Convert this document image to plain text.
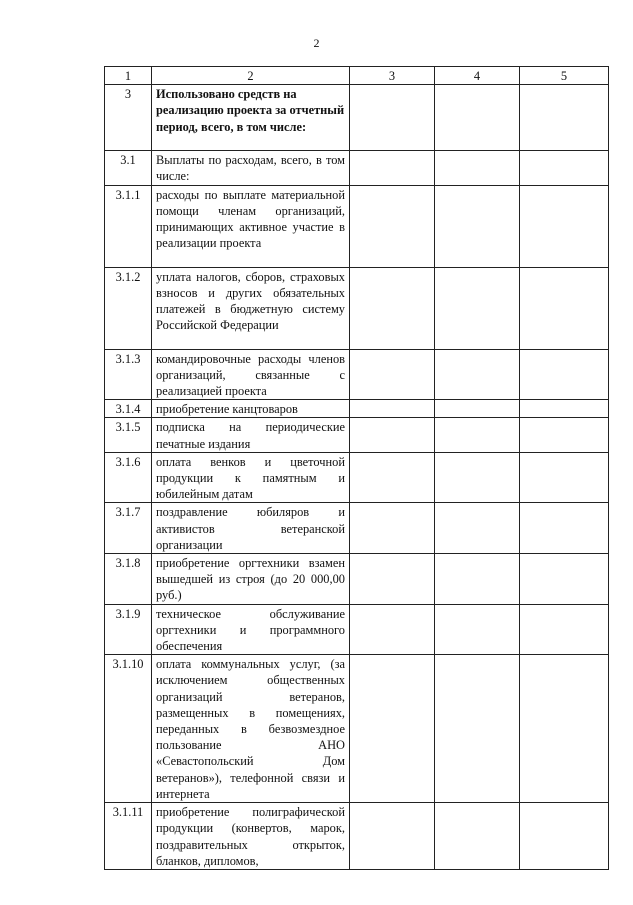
2
1	2	3	4	5
3	Использовано средств на реализацию проекта за отчетный период, всего, в том числе:			
3.1	Выплаты по расходам, всего, в том числе:			
3.1.1	расходы по выплате материальной помощи членам организаций, принимающих активное участие в реализации проекта			
3.1.2	уплата налогов, сборов, страховых взносов и других обязательных платежей в бюджетную систему Российской Федерации			
3.1.3	командировочные расходы членов организаций, связанные с реализацией проекта			
3.1.4	приобретение канцтоваров			
3.1.5	подписка на периодические печатные издания			
3.1.6	оплата венков и цветочной продукции к памятным и юбилейным датам			
3.1.7	поздравление юбиляров и активистов ветеранской организации			
3.1.8	приобретение оргтехники взамен вышедшей из строя (до 20 000,00 руб.)			
3.1.9	техническое обслуживание оргтехники и программного обеспечения			
3.1.10	оплата коммунальных услуг, (за исключением общественных организаций ветеранов, размещенных в помещениях, переданных в безвозмездное пользование АНО «Севастопольский Дом ветеранов»), телефонной связи и интернета			
3.1.11	приобретение полиграфической продукции (конвертов, марок, поздравительных открыток, бланков, дипломов,			
